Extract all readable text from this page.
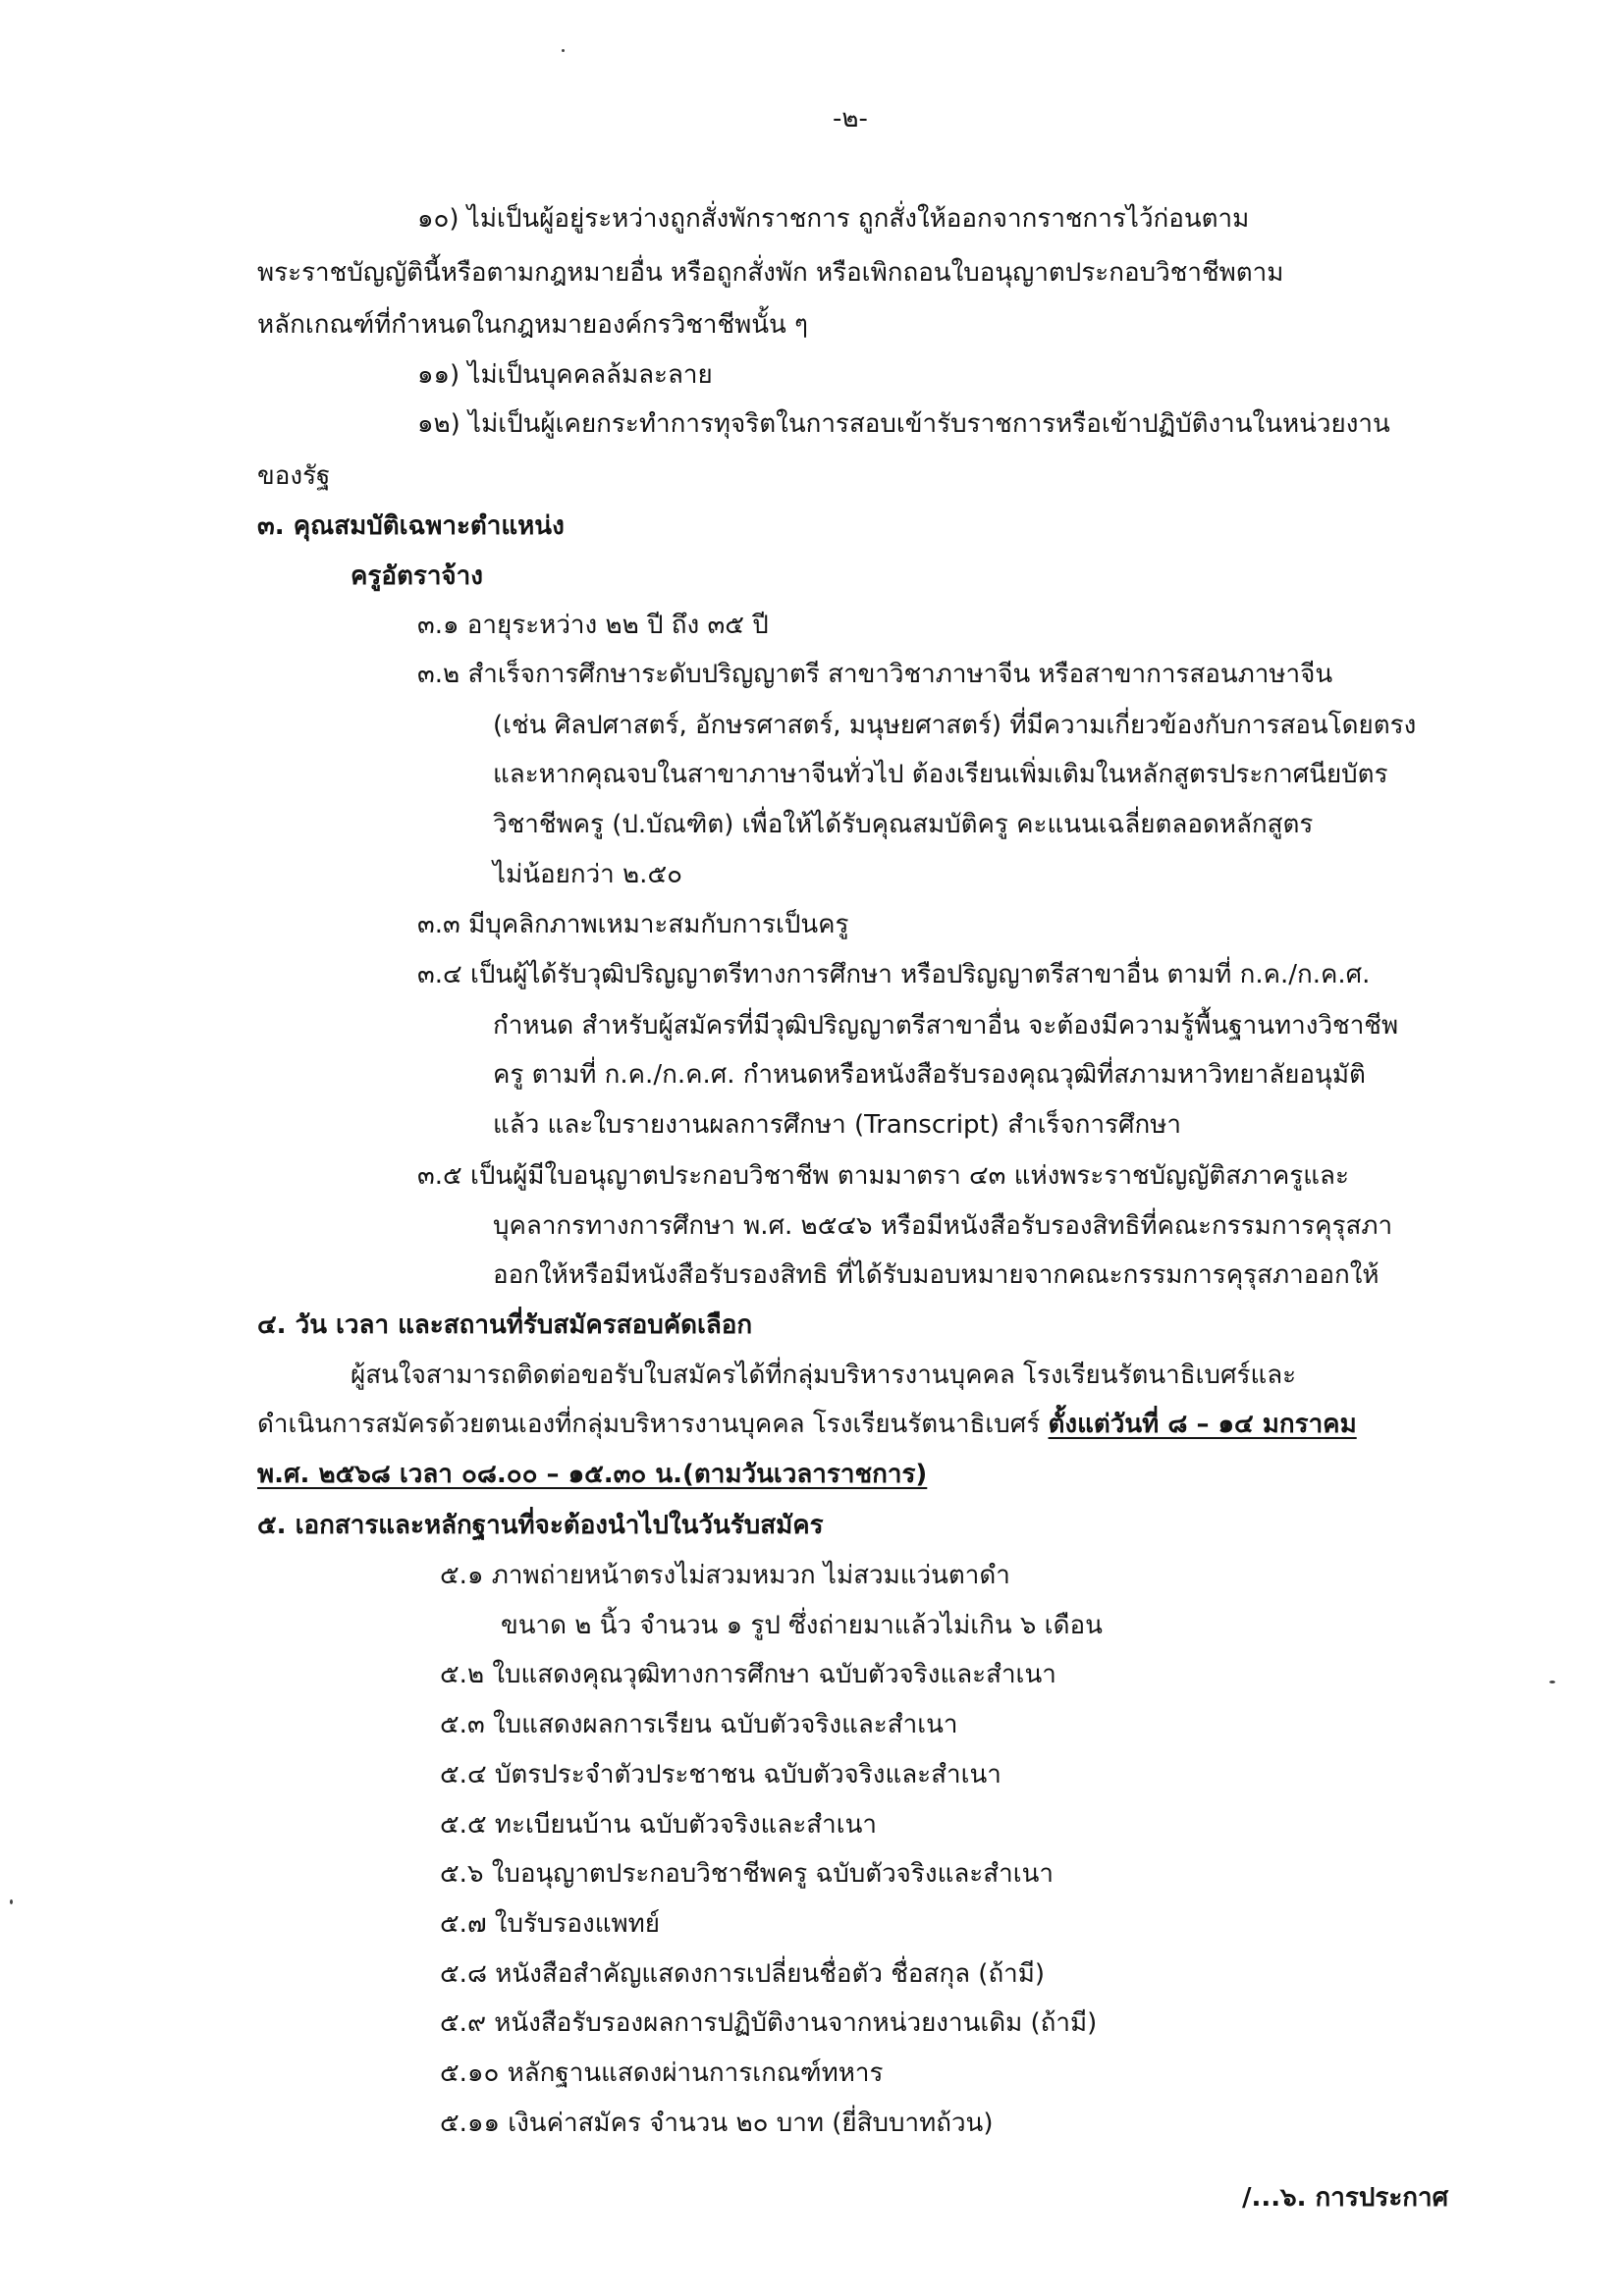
-๒-
๑๐) ไม่เป็นผู้อยู่ระหว่างถูกสั่งพักราชการ ถูกสั่งให้ออกจากราชการไว้ก่อนตาม
พระราชบัญญัตินี้หรือตามกฎหมายอื่น หรือถูกสั่งพัก หรือเพิกถอนใบอนุญาตประกอบวิชาชีพตาม
หลักเกณฑ์ที่กำหนดในกฎหมายองค์กรวิชาชีพนั้น ๆ
๑๑) ไม่เป็นบุคคลล้มละลาย
๑๒) ไม่เป็นผู้เคยกระทำการทุจริตในการสอบเข้ารับราชการหรือเข้าปฏิบัติงานในหน่วยงาน
ของรัฐ
๓. คุณสมบัติเฉพาะตำแหน่ง
ครูอัตราจ้าง
๓.๑ อายุระหว่าง ๒๒ ปี ถึง ๓๕ ปี
๓.๒ สำเร็จการศึกษาระดับปริญญาตรี สาขาวิชาภาษาจีน หรือสาขาการสอนภาษาจีน
(เช่น ศิลปศาสตร์, อักษรศาสตร์, มนุษยศาสตร์) ที่มีความเกี่ยวข้องกับการสอนโดยตรง
และหากคุณจบในสาขาภาษาจีนทั่วไป ต้องเรียนเพิ่มเติมในหลักสูตรประกาศนียบัตร
วิชาชีพครู (ป.บัณฑิต) เพื่อให้ได้รับคุณสมบัติครู คะแนนเฉลี่ยตลอดหลักสูตร
ไม่น้อยกว่า ๒.๕๐
๓.๓ มีบุคลิกภาพเหมาะสมกับการเป็นครู
๓.๔ เป็นผู้ได้รับวุฒิปริญญาตรีทางการศึกษา หรือปริญญาตรีสาขาอื่น ตามที่ ก.ค./ก.ค.ศ.
กำหนด สำหรับผู้สมัครที่มีวุฒิปริญญาตรีสาขาอื่น จะต้องมีความรู้พื้นฐานทางวิชาชีพ
ครู ตามที่ ก.ค./ก.ค.ศ. กำหนดหรือหนังสือรับรองคุณวุฒิที่สภามหาวิทยาลัยอนุมัติ
แล้ว และใบรายงานผลการศึกษา (Transcript) สำเร็จการศึกษา
๓.๕ เป็นผู้มีใบอนุญาตประกอบวิชาชีพ ตามมาตรา ๔๓ แห่งพระราชบัญญัติสภาครูและ
บุคลากรทางการศึกษา พ.ศ. ๒๕๔๖ หรือมีหนังสือรับรองสิทธิที่คณะกรรมการคุรุสภา
ออกให้หรือมีหนังสือรับรองสิทธิ ที่ได้รับมอบหมายจากคณะกรรมการคุรุสภาออกให้
๔. วัน เวลา และสถานที่รับสมัครสอบคัดเลือก
ผู้สนใจสามารถติดต่อขอรับใบสมัครได้ที่กลุ่มบริหารงานบุคคล โรงเรียนรัตนาธิเบศร์และ
ดำเนินการสมัครด้วยตนเองที่กลุ่มบริหารงานบุคคล โรงเรียนรัตนาธิเบศร์ ตั้งแต่วันที่ ๘ – ๑๔ มกราคม
พ.ศ. ๒๕๖๘ เวลา ๐๘.๐๐ – ๑๕.๓๐ น.(ตามวันเวลาราชการ)
๕. เอกสารและหลักฐานที่จะต้องนำไปในวันรับสมัคร
๕.๑ ภาพถ่ายหน้าตรงไม่สวมหมวก ไม่สวมแว่นตาดำ
ขนาด ๒ นิ้ว จำนวน ๑ รูป ซึ่งถ่ายมาแล้วไม่เกิน ๖ เดือน
๕.๒ ใบแสดงคุณวุฒิทางการศึกษา ฉบับตัวจริงและสำเนา
๕.๓ ใบแสดงผลการเรียน ฉบับตัวจริงและสำเนา
๕.๔ บัตรประจำตัวประชาชน ฉบับตัวจริงและสำเนา
๕.๕ ทะเบียนบ้าน ฉบับตัวจริงและสำเนา
๕.๖ ใบอนุญาตประกอบวิชาชีพครู ฉบับตัวจริงและสำเนา
๕.๗ ใบรับรองแพทย์
๕.๘ หนังสือสำคัญแสดงการเปลี่ยนชื่อตัว ชื่อสกุล (ถ้ามี)
๕.๙ หนังสือรับรองผลการปฏิบัติงานจากหน่วยงานเดิม (ถ้ามี)
๕.๑๐ หลักฐานแสดงผ่านการเกณฑ์ทหาร
๕.๑๑ เงินค่าสมัคร จำนวน ๒๐ บาท (ยี่สิบบาทถ้วน)
/...๖. การประกาศ
